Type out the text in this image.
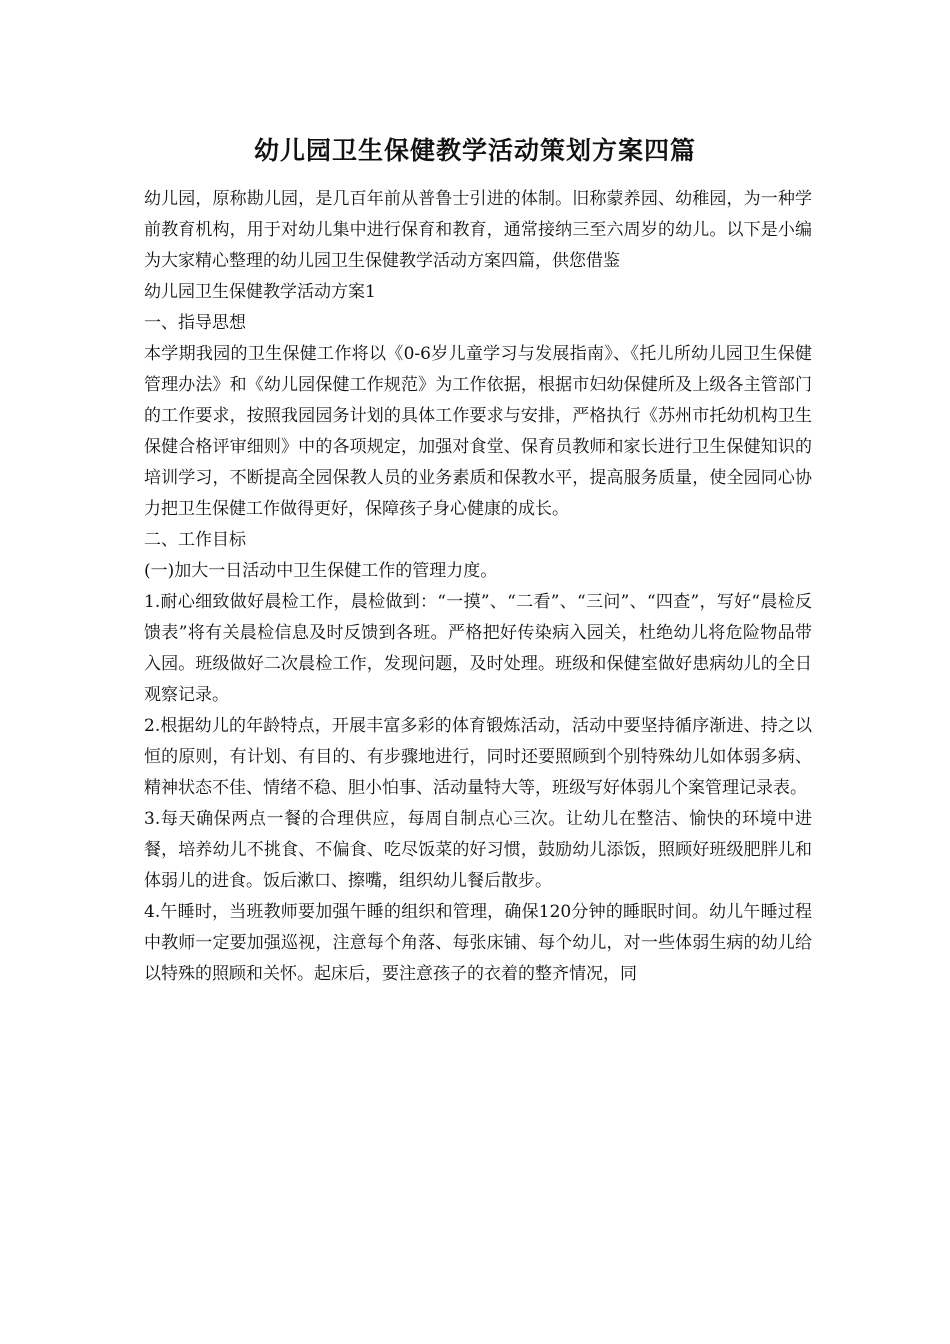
幼儿园卫生保健教学活动策划方案四篇

幼儿园，原称勘儿园，是几百年前从普鲁士引进的体制。旧称蒙养园、幼稚园，为一种学前教育机构，用于对幼儿集中进行保育和教育，通常接纳三至六周岁的幼儿。以下是小编为大家精心整理的幼儿园卫生保健教学活动方案四篇，供您借鉴

幼儿园卫生保健教学活动方案1

一、指导思想

本学期我园的卫生保健工作将以《0-6岁儿童学习与发展指南》、《托儿所幼儿园卫生保健管理办法》和《幼儿园保健工作规范》为工作依据，根据市妇幼保健所及上级各主管部门的工作要求，按照我园园务计划的具体工作要求与安排，严格执行《苏州市托幼机构卫生保健合格评审细则》中的各项规定，加强对食堂、保育员教师和家长进行卫生保健知识的培训学习，不断提高全园保教人员的业务素质和保教水平，提高服务质量，使全园同心协力把卫生保健工作做得更好，保障孩子身心健康的成长。

二、工作目标

(一)加大一日活动中卫生保健工作的管理力度。

1.耐心细致做好晨检工作，晨检做到：“一摸”、“二看”、“三问”、“四查”，写好“晨检反馈表”将有关晨检信息及时反馈到各班。严格把好传染病入园关，杜绝幼儿将危险物品带入园。班级做好二次晨检工作，发现问题，及时处理。班级和保健室做好患病幼儿的全日观察记录。

2.根据幼儿的年龄特点，开展丰富多彩的体育锻炼活动，活动中要坚持循序渐进、持之以恒的原则，有计划、有目的、有步骤地进行，同时还要照顾到个别特殊幼儿如体弱多病、精神状态不佳、情绪不稳、胆小怕事、活动量特大等，班级写好体弱儿个案管理记录表。

3.每天确保两点一餐的合理供应，每周自制点心三次。让幼儿在整洁、愉快的环境中进餐，培养幼儿不挑食、不偏食、吃尽饭菜的好习惯，鼓励幼儿添饭，照顾好班级肥胖儿和体弱儿的进食。饭后漱口、擦嘴，组织幼儿餐后散步。

4.午睡时，当班教师要加强午睡的组织和管理，确保120分钟的睡眠时间。幼儿午睡过程中教师一定要加强巡视，注意每个角落、每张床铺、每个幼儿，对一些体弱生病的幼儿给以特殊的照顾和关怀。起床后，要注意孩子的衣着的整齐情况，同
